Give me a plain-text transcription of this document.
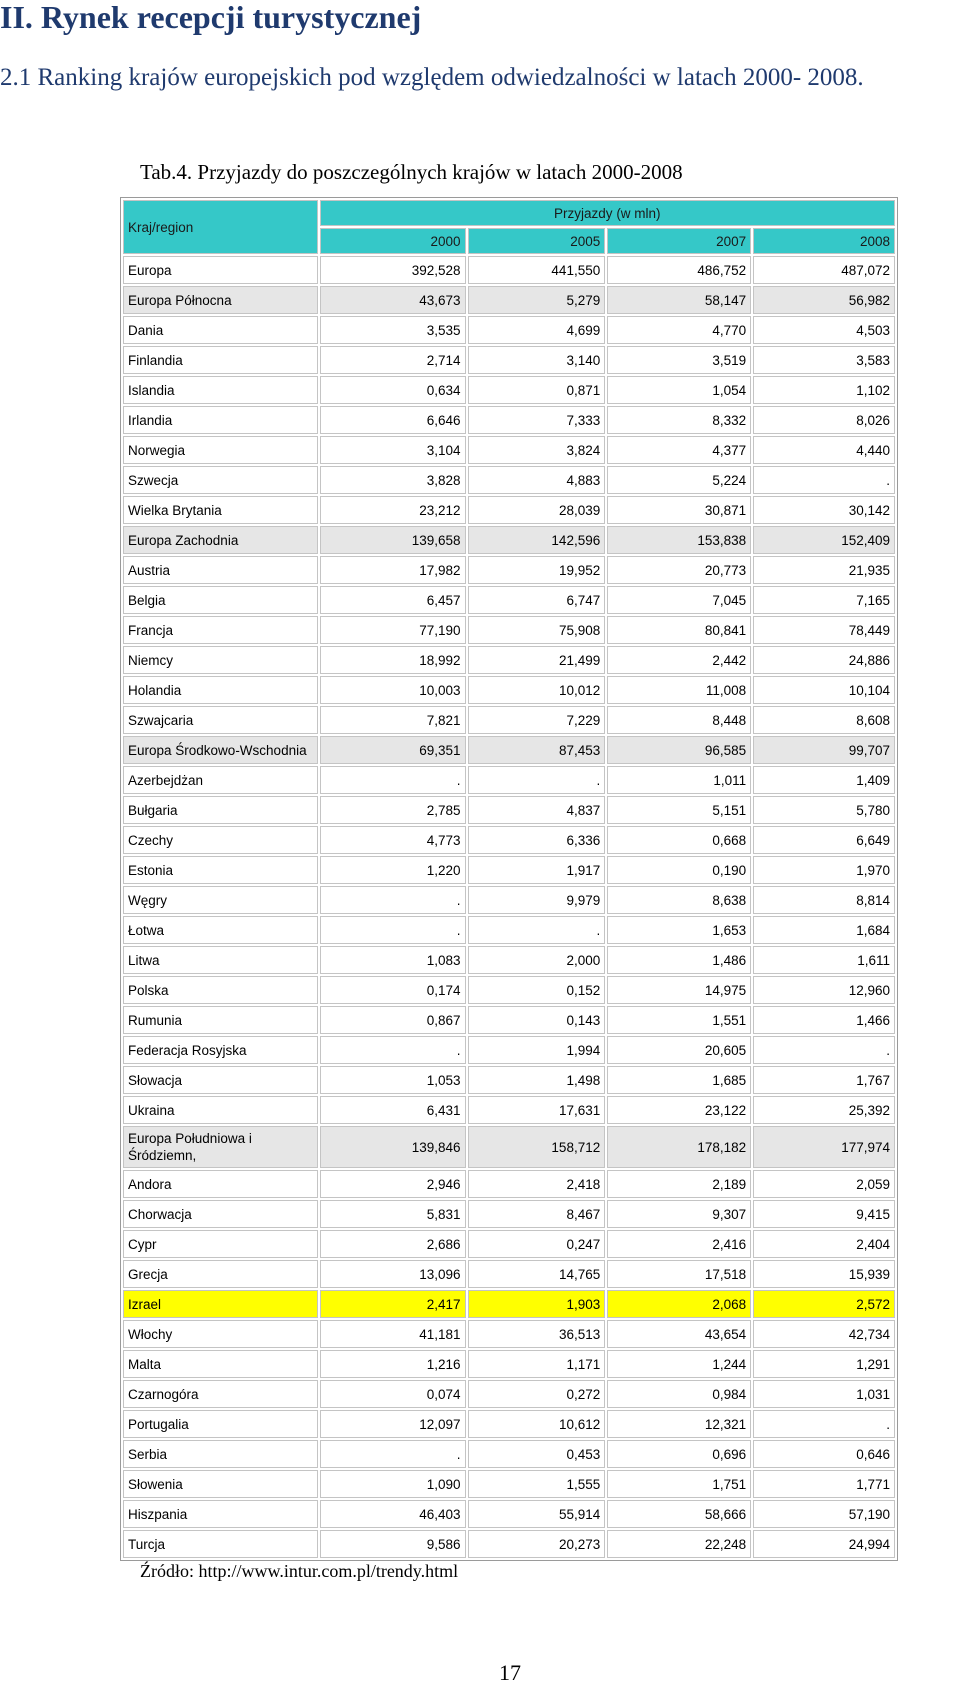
II. Rynek recepcji turystycznej
2.1 Ranking krajów europejskich pod względem odwiedzalności w latach 2000- 2008.
Tab.4. Przyjazdy do poszczególnych krajów w latach 2000-2008
Kraj/region	Przyjazdy (w mln)			
	2000	2005	2007	2008
Europa	392,528	441,550	486,752	487,072
Europa Północna	43,673	5,279	58,147	56,982
Dania	3,535	4,699	4,770	4,503
Finlandia	2,714	3,140	3,519	3,583
Islandia	0,634	0,871	1,054	1,102
Irlandia	6,646	7,333	8,332	8,026
Norwegia	3,104	3,824	4,377	4,440
Szwecja	3,828	4,883	5,224	.
Wielka Brytania	23,212	28,039	30,871	30,142
Europa Zachodnia	139,658	142,596	153,838	152,409
Austria	17,982	19,952	20,773	21,935
Belgia	6,457	6,747	7,045	7,165
Francja	77,190	75,908	80,841	78,449
Niemcy	18,992	21,499	2,442	24,886
Holandia	10,003	10,012	11,008	10,104
Szwajcaria	7,821	7,229	8,448	8,608
Europa Środkowo-Wschodnia	69,351	87,453	96,585	99,707
Azerbejdżan	.	.	1,011	1,409
Bułgaria	2,785	4,837	5,151	5,780
Czechy	4,773	6,336	0,668	6,649
Estonia	1,220	1,917	0,190	1,970
Węgry	.	9,979	8,638	8,814
Łotwa	.	.	1,653	1,684
Litwa	1,083	2,000	1,486	1,611
Polska	0,174	0,152	14,975	12,960
Rumunia	0,867	0,143	1,551	1,466
Federacja Rosyjska	.	1,994	20,605	.
Słowacja	1,053	1,498	1,685	1,767
Ukraina	6,431	17,631	23,122	25,392
Europa Południowa i Śródziemn,	139,846	158,712	178,182	177,974
Andora	2,946	2,418	2,189	2,059
Chorwacja	5,831	8,467	9,307	9,415
Cypr	2,686	0,247	2,416	2,404
Grecja	13,096	14,765	17,518	15,939
Izrael	2,417	1,903	2,068	2,572
Włochy	41,181	36,513	43,654	42,734
Malta	1,216	1,171	1,244	1,291
Czarnogóra	0,074	0,272	0,984	1,031
Portugalia	12,097	10,612	12,321	.
Serbia	.	0,453	0,696	0,646
Słowenia	1,090	1,555	1,751	1,771
Hiszpania	46,403	55,914	58,666	57,190
Turcja	9,586	20,273	22,248	24,994
Źródło: http://www.intur.com.pl/trendy.html
17
